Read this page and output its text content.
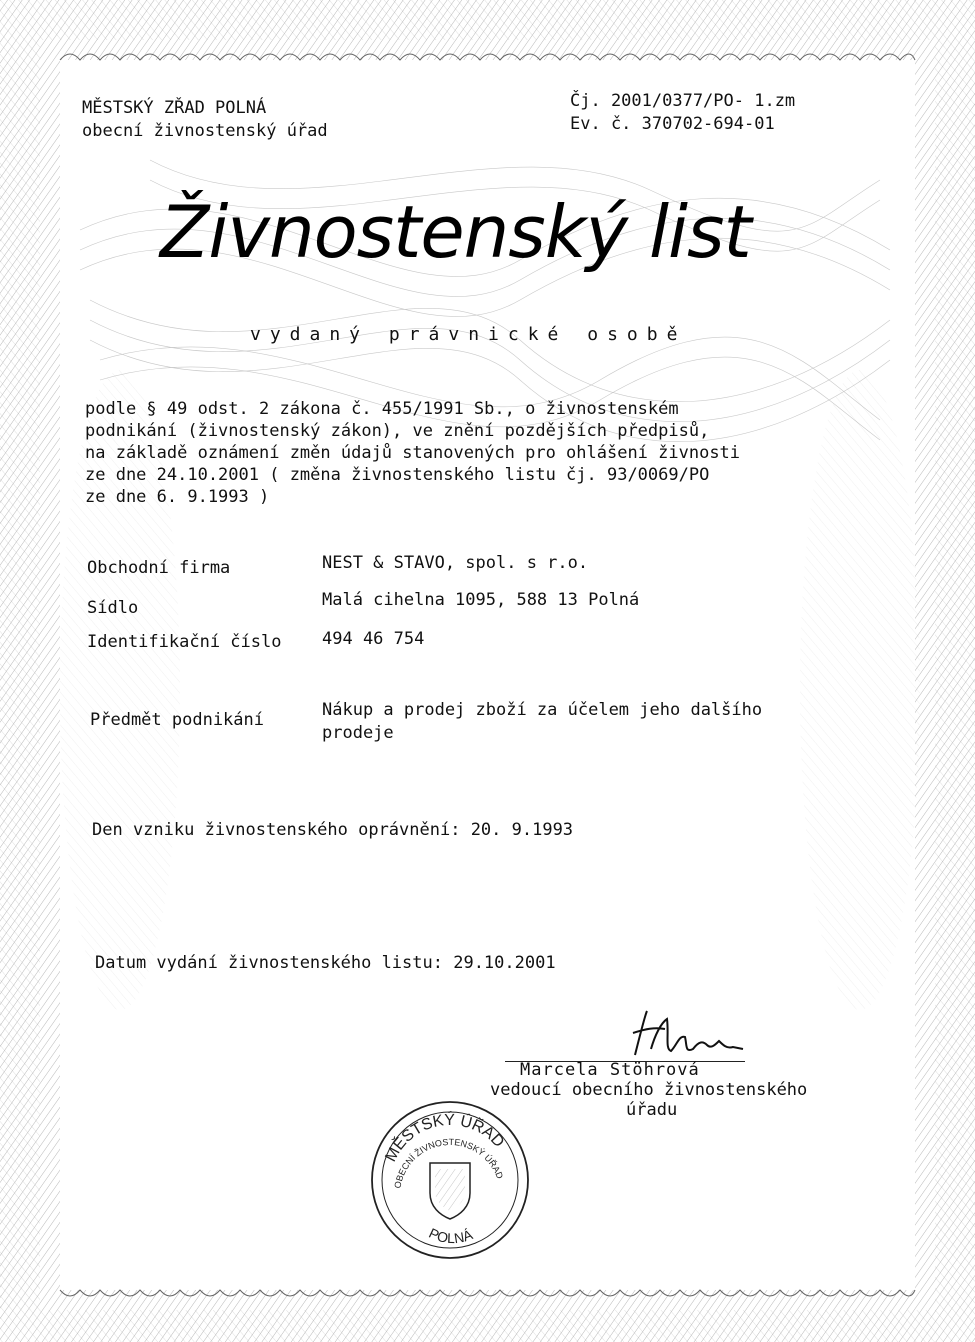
MĚSTSKÝ ZŘAD POLNÁ
obecní živnostenský úřad
Čj. 2001/0377/PO- 1.zm
Ev. č. 370702-694-01
Živnostenský list
vydaný právnické osobě
podle § 49 odst. 2 zákona č. 455/1991 Sb., o živnostenském
podnikání (živnostenský zákon), ve znění pozdějších předpisů,
na základě oznámení změn údajů stanovených pro ohlášení živnosti
ze dne 24.10.2001 ( změna živnostenského listu čj. 93/0069/PO
ze dne 6. 9.1993 )
Obchodní firma	NEST & STAVO, spol. s r.o.
Sídlo	Malá cihelna 1095, 588 13 Polná
Identifikační číslo 494 46 754
Předmět podnikání	Nákup a prodej zboží za účelem jeho dalšího
prodeje
Den vzniku živnostenského oprávnění: 20. 9.1993
Datum vydání živnostenského listu: 29.10.2001
Marcela Stöhrová
vedoucí obecního živnostenského
úřadu
MĚSTSKÝ ÚŘAD
OBECNÍ ŽIVNOSTENSKÝ ÚŘAD
POLNÁ
